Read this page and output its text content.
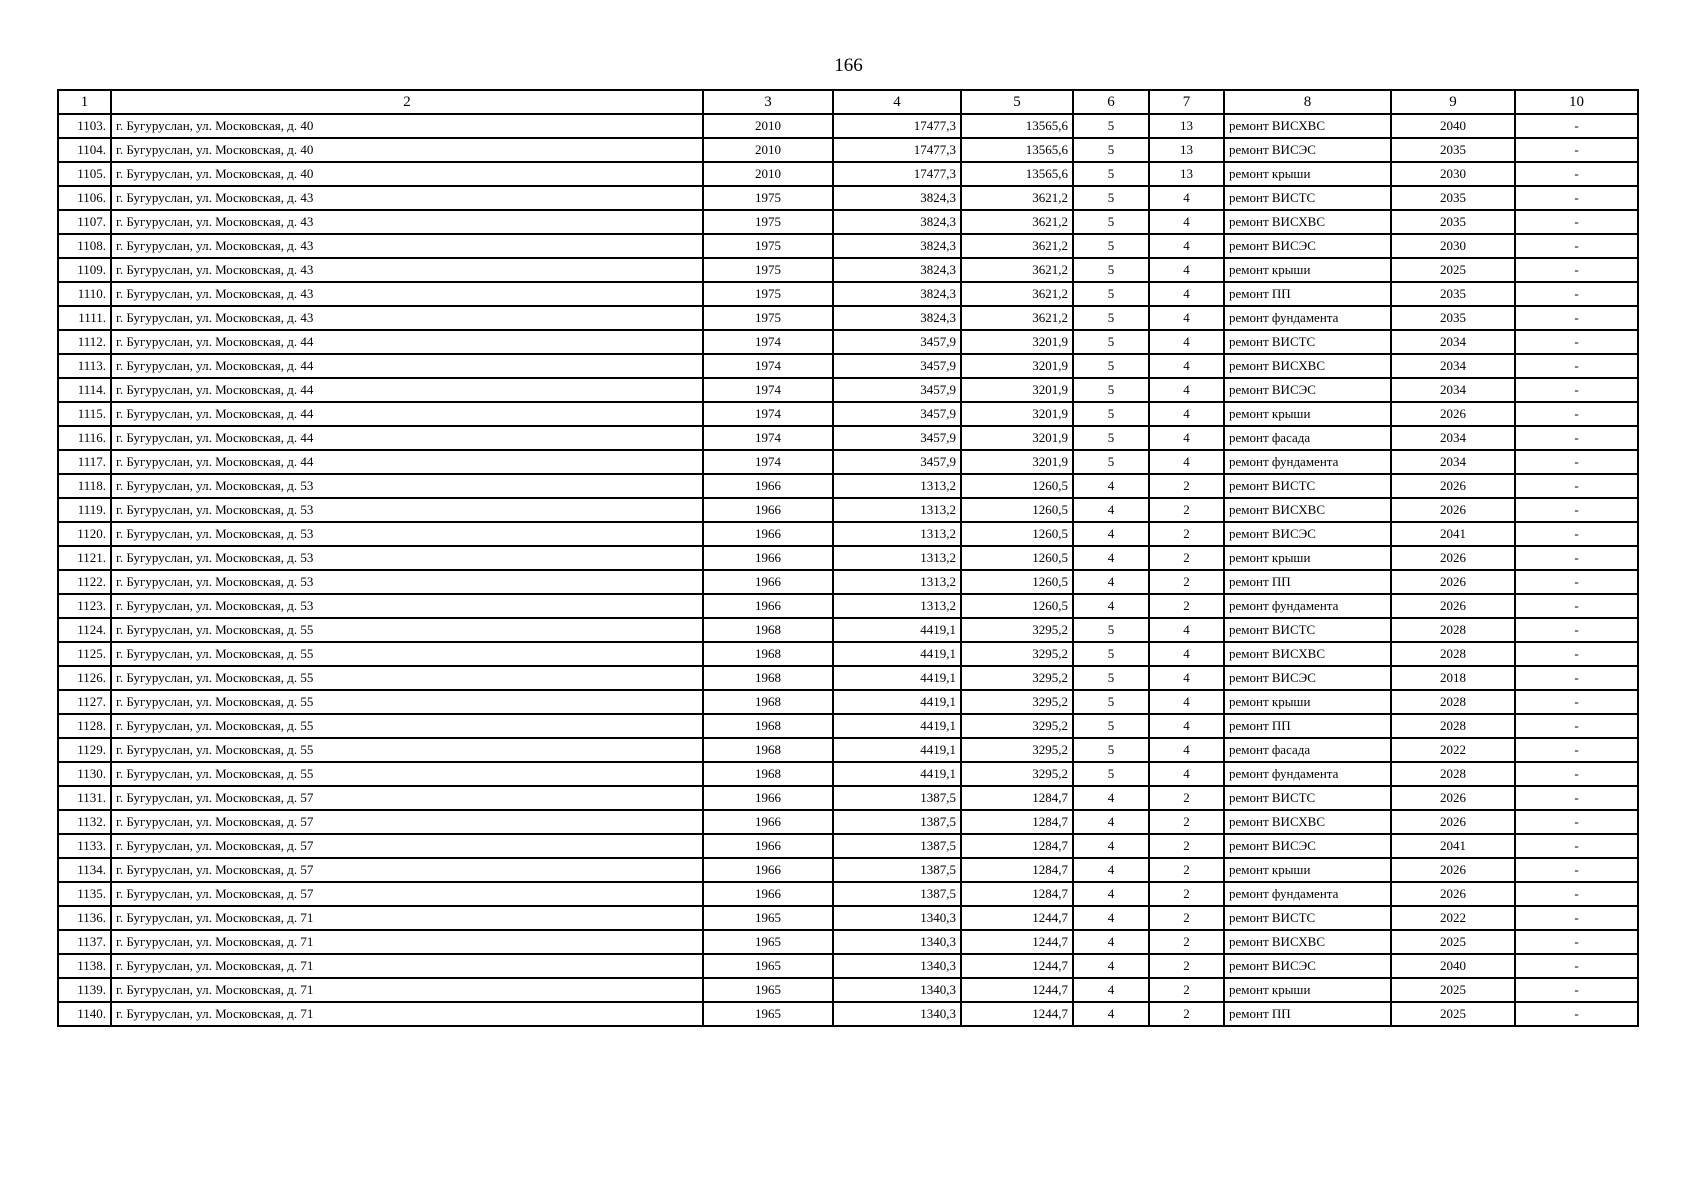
166
1	2	3	4	5	6	7	8	9	10
1103.	г. Бугуруслан, ул. Московская, д. 40	2010	17477,3	13565,6	5	13	ремонт ВИСХВС	2040	-
1104.	г. Бугуруслан, ул. Московская, д. 40	2010	17477,3	13565,6	5	13	ремонт ВИСЭС	2035	-
1105.	г. Бугуруслан, ул. Московская, д. 40	2010	17477,3	13565,6	5	13	ремонт крыши	2030	-
1106.	г. Бугуруслан, ул. Московская, д. 43	1975	3824,3	3621,2	5	4	ремонт ВИСТС	2035	-
1107.	г. Бугуруслан, ул. Московская, д. 43	1975	3824,3	3621,2	5	4	ремонт ВИСХВС	2035	-
1108.	г. Бугуруслан, ул. Московская, д. 43	1975	3824,3	3621,2	5	4	ремонт ВИСЭС	2030	-
1109.	г. Бугуруслан, ул. Московская, д. 43	1975	3824,3	3621,2	5	4	ремонт крыши	2025	-
1110.	г. Бугуруслан, ул. Московская, д. 43	1975	3824,3	3621,2	5	4	ремонт ПП	2035	-
1111.	г. Бугуруслан, ул. Московская, д. 43	1975	3824,3	3621,2	5	4	ремонт фундамента	2035	-
1112.	г. Бугуруслан, ул. Московская, д. 44	1974	3457,9	3201,9	5	4	ремонт ВИСТС	2034	-
1113.	г. Бугуруслан, ул. Московская, д. 44	1974	3457,9	3201,9	5	4	ремонт ВИСХВС	2034	-
1114.	г. Бугуруслан, ул. Московская, д. 44	1974	3457,9	3201,9	5	4	ремонт ВИСЭС	2034	-
1115.	г. Бугуруслан, ул. Московская, д. 44	1974	3457,9	3201,9	5	4	ремонт крыши	2026	-
1116.	г. Бугуруслан, ул. Московская, д. 44	1974	3457,9	3201,9	5	4	ремонт фасада	2034	-
1117.	г. Бугуруслан, ул. Московская, д. 44	1974	3457,9	3201,9	5	4	ремонт фундамента	2034	-
1118.	г. Бугуруслан, ул. Московская, д. 53	1966	1313,2	1260,5	4	2	ремонт ВИСТС	2026	-
1119.	г. Бугуруслан, ул. Московская, д. 53	1966	1313,2	1260,5	4	2	ремонт ВИСХВС	2026	-
1120.	г. Бугуруслан, ул. Московская, д. 53	1966	1313,2	1260,5	4	2	ремонт ВИСЭС	2041	-
1121.	г. Бугуруслан, ул. Московская, д. 53	1966	1313,2	1260,5	4	2	ремонт крыши	2026	-
1122.	г. Бугуруслан, ул. Московская, д. 53	1966	1313,2	1260,5	4	2	ремонт ПП	2026	-
1123.	г. Бугуруслан, ул. Московская, д. 53	1966	1313,2	1260,5	4	2	ремонт фундамента	2026	-
1124.	г. Бугуруслан, ул. Московская, д. 55	1968	4419,1	3295,2	5	4	ремонт ВИСТС	2028	-
1125.	г. Бугуруслан, ул. Московская, д. 55	1968	4419,1	3295,2	5	4	ремонт ВИСХВС	2028	-
1126.	г. Бугуруслан, ул. Московская, д. 55	1968	4419,1	3295,2	5	4	ремонт ВИСЭС	2018	-
1127.	г. Бугуруслан, ул. Московская, д. 55	1968	4419,1	3295,2	5	4	ремонт крыши	2028	-
1128.	г. Бугуруслан, ул. Московская, д. 55	1968	4419,1	3295,2	5	4	ремонт ПП	2028	-
1129.	г. Бугуруслан, ул. Московская, д. 55	1968	4419,1	3295,2	5	4	ремонт фасада	2022	-
1130.	г. Бугуруслан, ул. Московская, д. 55	1968	4419,1	3295,2	5	4	ремонт фундамента	2028	-
1131.	г. Бугуруслан, ул. Московская, д. 57	1966	1387,5	1284,7	4	2	ремонт ВИСТС	2026	-
1132.	г. Бугуруслан, ул. Московская, д. 57	1966	1387,5	1284,7	4	2	ремонт ВИСХВС	2026	-
1133.	г. Бугуруслан, ул. Московская, д. 57	1966	1387,5	1284,7	4	2	ремонт ВИСЭС	2041	-
1134.	г. Бугуруслан, ул. Московская, д. 57	1966	1387,5	1284,7	4	2	ремонт крыши	2026	-
1135.	г. Бугуруслан, ул. Московская, д. 57	1966	1387,5	1284,7	4	2	ремонт фундамента	2026	-
1136.	г. Бугуруслан, ул. Московская, д. 71	1965	1340,3	1244,7	4	2	ремонт ВИСТС	2022	-
1137.	г. Бугуруслан, ул. Московская, д. 71	1965	1340,3	1244,7	4	2	ремонт ВИСХВС	2025	-
1138.	г. Бугуруслан, ул. Московская, д. 71	1965	1340,3	1244,7	4	2	ремонт ВИСЭС	2040	-
1139.	г. Бугуруслан, ул. Московская, д. 71	1965	1340,3	1244,7	4	2	ремонт крыши	2025	-
1140.	г. Бугуруслан, ул. Московская, д. 71	1965	1340,3	1244,7	4	2	ремонт ПП	2025	-
